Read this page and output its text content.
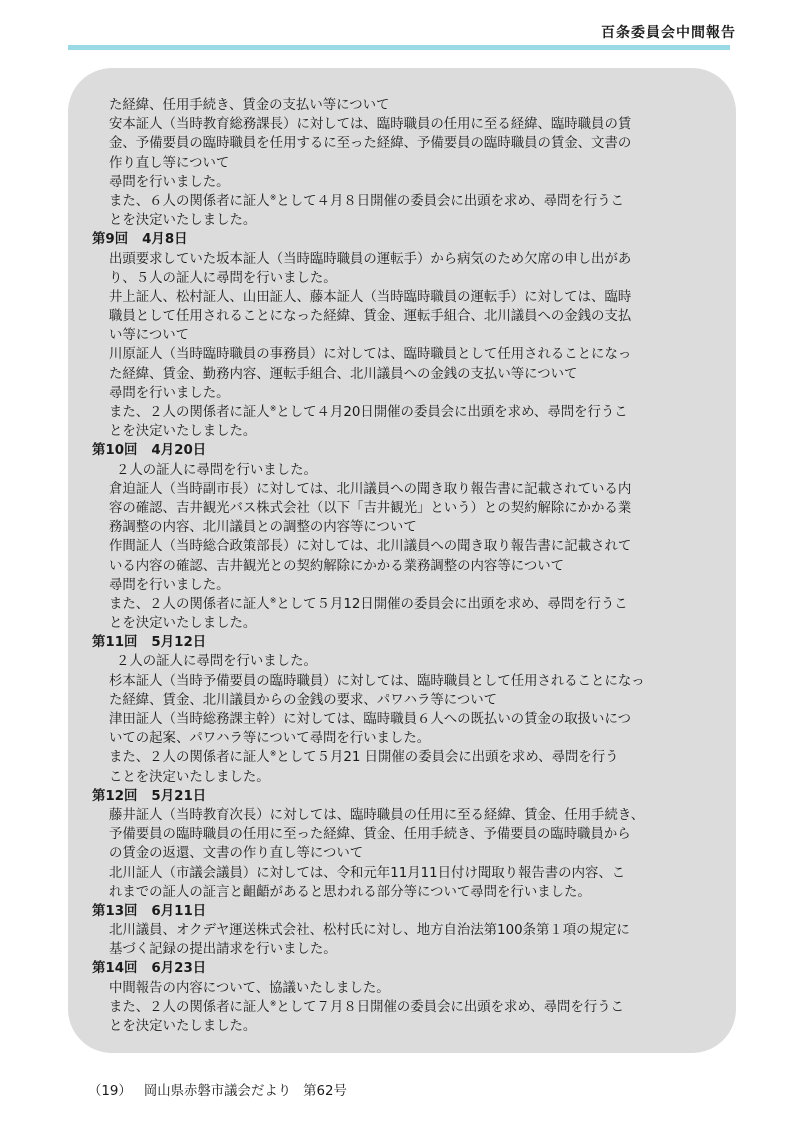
百条委員会中間報告
た経緯、任用手続き、賃金の支払い等について
安本証人（当時教育総務課長）に対しては、臨時職員の任用に至る経緯、臨時職員の賃
金、予備要員の臨時職員を任用するに至った経緯、予備要員の臨時職員の賃金、文書の
作り直し等について
尋問を行いました。
また、６人の関係者に証人※として４月８日開催の委員会に出頭を求め、尋問を行うこ
とを決定いたしました。
第9回 4月8日
出頭要求していた坂本証人（当時臨時職員の運転手）から病気のため欠席の申し出があ
り、５人の証人に尋問を行いました。
井上証人、松村証人、山田証人、藤本証人（当時臨時職員の運転手）に対しては、臨時
職員として任用されることになった経緯、賃金、運転手組合、北川議員への金銭の支払
い等について
川原証人（当時臨時職員の事務員）に対しては、臨時職員として任用されることになっ
た経緯、賃金、勤務内容、運転手組合、北川議員への金銭の支払い等について
尋問を行いました。
また、２人の関係者に証人※として４月20日開催の委員会に出頭を求め、尋問を行うこ
とを決定いたしました。
第10回 4月20日
２人の証人に尋問を行いました。
倉迫証人（当時副市長）に対しては、北川議員への聞き取り報告書に記載されている内
容の確認、吉井観光バス株式会社（以下「吉井観光」という）との契約解除にかかる業
務調整の内容、北川議員との調整の内容等について
作間証人（当時総合政策部長）に対しては、北川議員への聞き取り報告書に記載されて
いる内容の確認、吉井観光との契約解除にかかる業務調整の内容等について
尋問を行いました。
また、２人の関係者に証人※として５月12日開催の委員会に出頭を求め、尋問を行うこ
とを決定いたしました。
第11回 5月12日
２人の証人に尋問を行いました。
杉本証人（当時予備要員の臨時職員）に対しては、臨時職員として任用されることになっ
た経緯、賃金、北川議員からの金銭の要求、パワハラ等について
津田証人（当時総務課主幹）に対しては、臨時職員６人への既払いの賃金の取扱いにつ
いての起案、パワハラ等について尋問を行いました。
また、２人の関係者に証人※として５月21 日開催の委員会に出頭を求め、尋問を行う
ことを決定いたしました。
第12回 5月21日
藤井証人（当時教育次長）に対しては、臨時職員の任用に至る経緯、賃金、任用手続き、
予備要員の臨時職員の任用に至った経緯、賃金、任用手続き、予備要員の臨時職員から
の賃金の返還、文書の作り直し等について
北川証人（市議会議員）に対しては、令和元年11月11日付け聞取り報告書の内容、こ
れまでの証人の証言と齟齬があると思われる部分等について尋問を行いました。
第13回 6月11日
北川議員、オクデヤ運送株式会社、松村氏に対し、地方自治法第100条第１項の規定に
基づく記録の提出請求を行いました。
第14回 6月23日
中間報告の内容について、協議いたしました。
また、２人の関係者に証人※として７月８日開催の委員会に出頭を求め、尋問を行うこ
とを決定いたしました。
（19） 岡山県赤磐市議会だより 第62号
